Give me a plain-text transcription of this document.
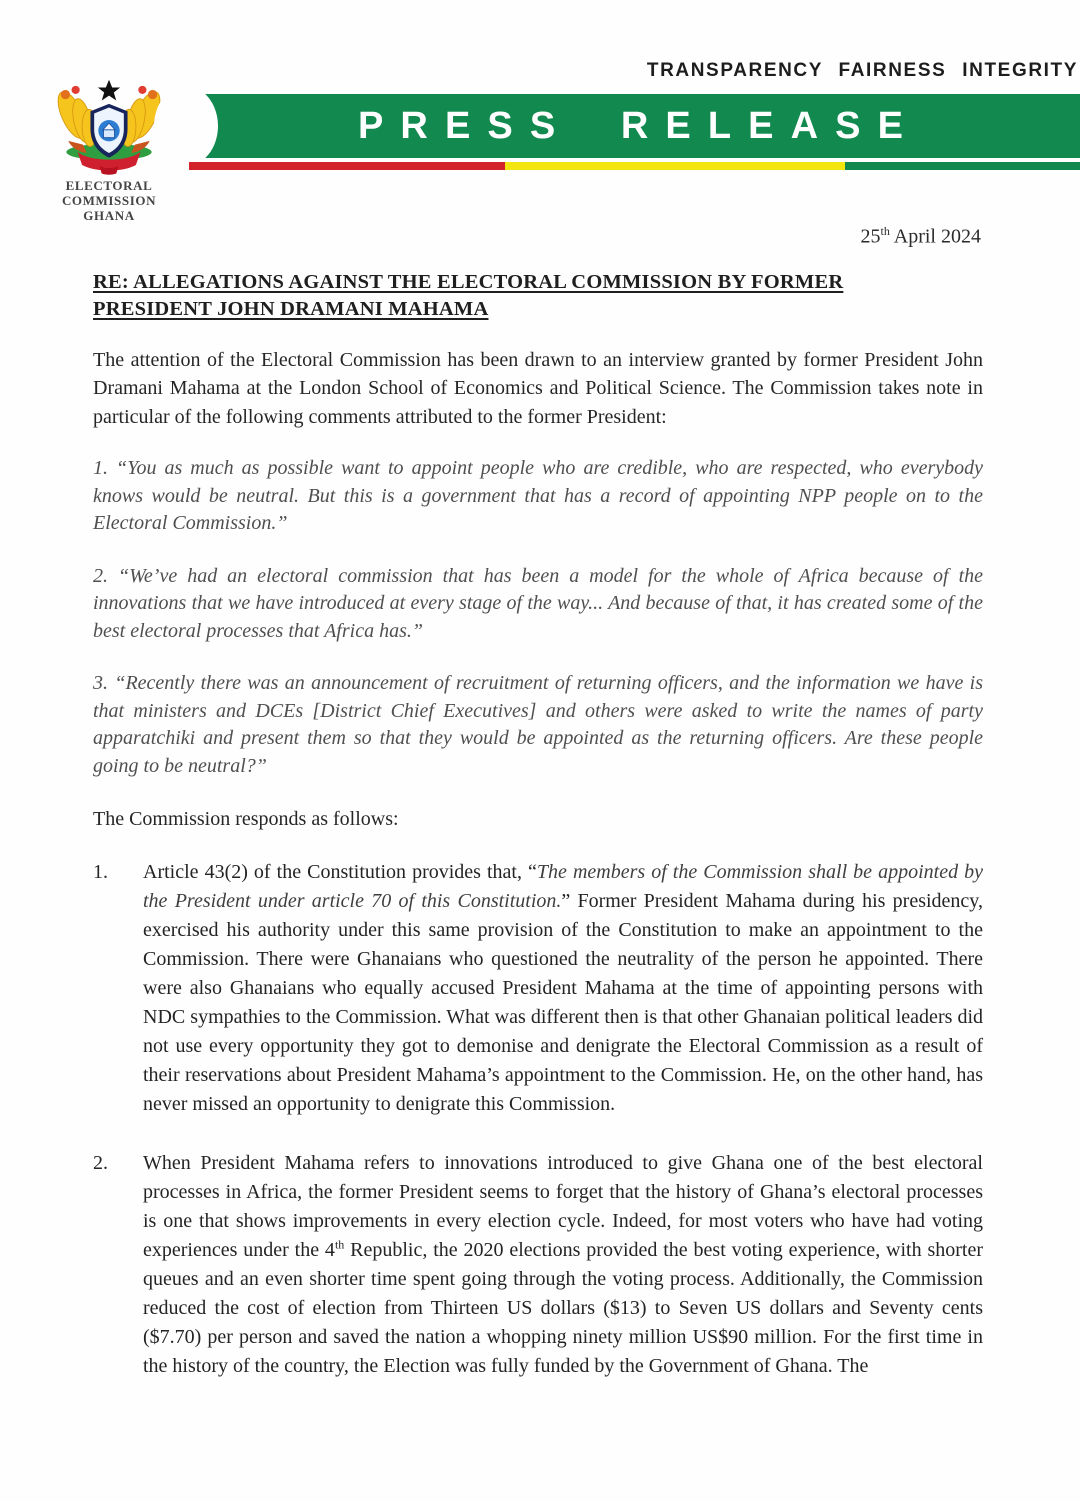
ELECTORAL COMMISSION
GHANA
TRANSPARENCY FAIRNESS INTEGRITY
PRESS RELEASE
25th April 2024
RE: ALLEGATIONS AGAINST THE ELECTORAL COMMISSION BY FORMER
PRESIDENT JOHN DRAMANI MAHAMA

The attention of the Electoral Commission has been drawn to an interview granted by former President John Dramani Mahama at the London School of Economics and Political Science. The Commission takes note in particular of the following comments attributed to the former President:

1. “You as much as possible want to appoint people who are credible, who are respected, who everybody knows would be neutral. But this is a government that has a record of appointing NPP people on to the Electoral Commission.”

2. “We’ve had an electoral commission that has been a model for the whole of Africa because of the innovations that we have introduced at every stage of the way... And because of that, it has created some of the best electoral processes that Africa has.”

3. “Recently there was an announcement of recruitment of returning officers, and the information we have is that ministers and DCEs [District Chief Executives] and others were asked to write the names of party apparatchiki and present them so that they would be appointed as the returning officers. Are these people going to be neutral?”

The Commission responds as follows:

1.	Article 43(2) of the Constitution provides that, “The members of the Commission shall be appointed by the President under article 70 of this Constitution.” Former President Mahama during his presidency, exercised his authority under this same provision of the Constitution to make an appointment to the Commission. There were Ghanaians who questioned the neutrality of the person he appointed. There were also Ghanaians who equally accused President Mahama at the time of appointing persons with NDC sympathies to the Commission. What was different then is that other Ghanaian political leaders did not use every opportunity they got to demonise and denigrate the Electoral Commission as a result of their reservations about President Mahama’s appointment to the Commission. He, on the other hand, has never missed an opportunity to denigrate this Commission.
2.	When President Mahama refers to innovations introduced to give Ghana one of the best electoral processes in Africa, the former President seems to forget that the history of Ghana’s electoral processes is one that shows improvements in every election cycle. Indeed, for most voters who have had voting experiences under the 4th Republic, the 2020 elections provided the best voting experience, with shorter queues and an even shorter time spent going through the voting process. Additionally, the Commission reduced the cost of election from Thirteen US dollars ($13) to Seven US dollars and Seventy cents ($7.70) per person and saved the nation a whopping ninety million US$90 million. For the first time in the history of the country, the Election was fully funded by the Government of Ghana. The
